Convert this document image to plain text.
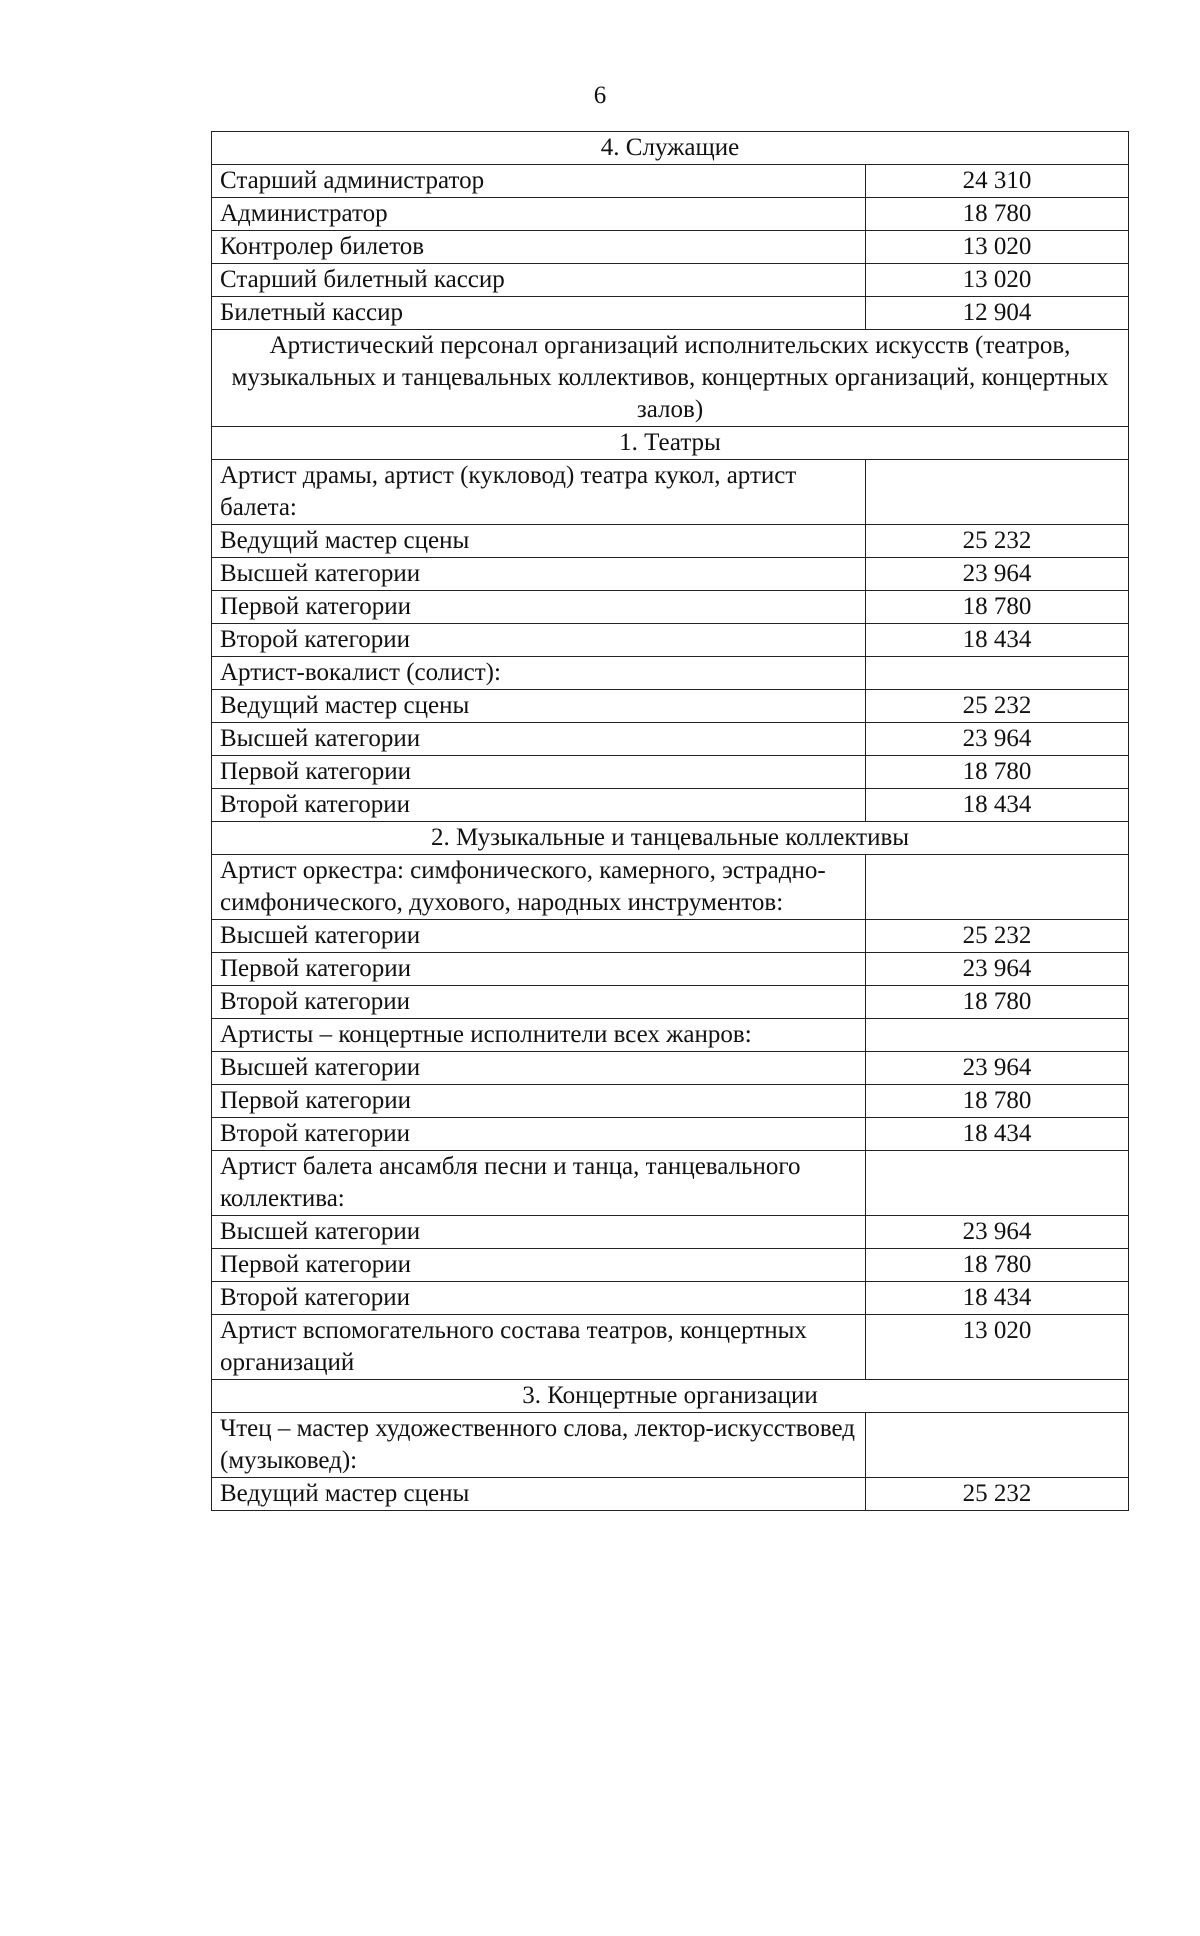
6
4. Служащие	
Старший администратор	24 310
Администратор	18 780
Контролер билетов	13 020
Старший билетный кассир	13 020
Билетный кассир	12 904
Артистический персонал организаций исполнительских искусств (театров, музыкальных и танцевальных коллективов, концертных организаций, концертных залов)	
1. Театры	
Артист драмы, артист (кукловод) театра кукол, артист балета:	
Ведущий мастер сцены	25 232
Высшей категории	23 964
Первой категории	18 780
Второй категории	18 434
Артист-вокалист (солист):	
Ведущий мастер сцены	25 232
Высшей категории	23 964
Первой категории	18 780
Второй категории	18 434
2. Музыкальные и танцевальные коллективы	
Артист оркестра: симфонического, камерного, эстрадно-симфонического, духового, народных инструментов:	
Высшей категории	25 232
Первой категории	23 964
Второй категории	18 780
Артисты – концертные исполнители всех жанров:	
Высшей категории	23 964
Первой категории	18 780
Второй категории	18 434
Артист балета ансамбля песни и танца, танцевального коллектива:	
Высшей категории	23 964
Первой категории	18 780
Второй категории	18 434
Артист вспомогательного состава театров, концертных организаций	13 020
3. Концертные организации	
Чтец – мастер художественного слова, лектор-искусствовед (музыковед):	
Ведущий мастер сцены	25 232
